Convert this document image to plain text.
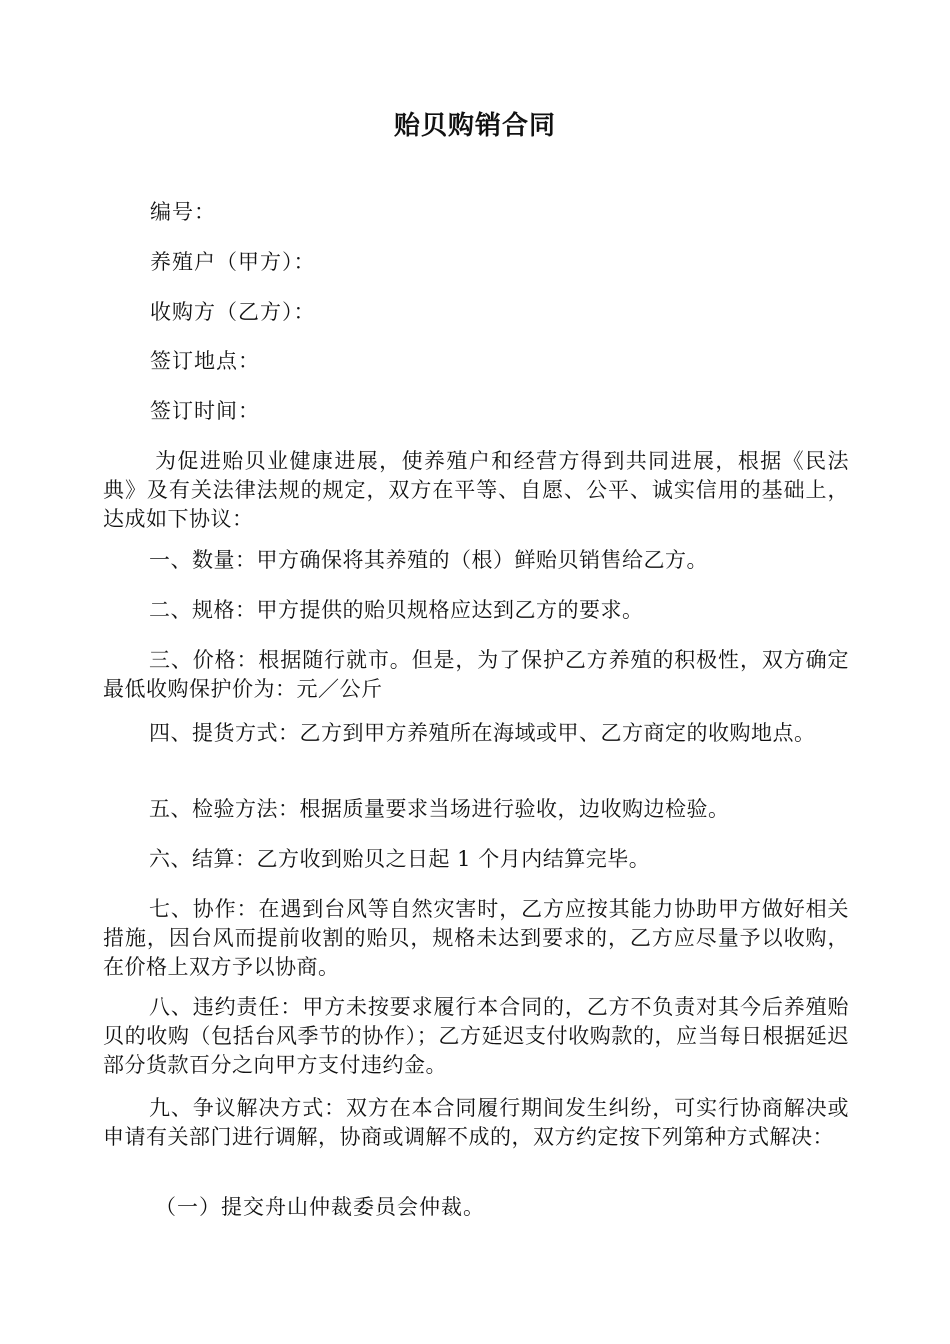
贻贝购销合同
编号：
养殖户（甲方）：
收购方（乙方）：
签订地点：
签订时间：
为促进贻贝业健康进展，使养殖户和经营方得到共同进展，根据《民法典》及有关法律法规的规定，双方在平等、自愿、公平、诚实信用的基础上，达成如下协议：
一、数量：甲方确保将其养殖的（根）鲜贻贝销售给乙方。
二、规格：甲方提供的贻贝规格应达到乙方的要求。
三、价格：根据随行就市。但是，为了保护乙方养殖的积极性，双方确定最低收购保护价为：元／公斤
四、提货方式：乙方到甲方养殖所在海域或甲、乙方商定的收购地点。
五、检验方法：根据质量要求当场进行验收，边收购边检验。
六、结算：乙方收到贻贝之日起 1 个月内结算完毕。
七、协作：在遇到台风等自然灾害时，乙方应按其能力协助甲方做好相关措施，因台风而提前收割的贻贝，规格未达到要求的，乙方应尽量予以收购，在价格上双方予以协商。
八、违约责任：甲方未按要求履行本合同的，乙方不负责对其今后养殖贻贝的收购（包括台风季节的协作）；乙方延迟支付收购款的，应当每日根据延迟部分货款百分之向甲方支付违约金。
九、争议解决方式：双方在本合同履行期间发生纠纷，可实行协商解决或申请有关部门进行调解，协商或调解不成的，双方约定按下列第种方式解决：
（一）提交舟山仲裁委员会仲裁。
